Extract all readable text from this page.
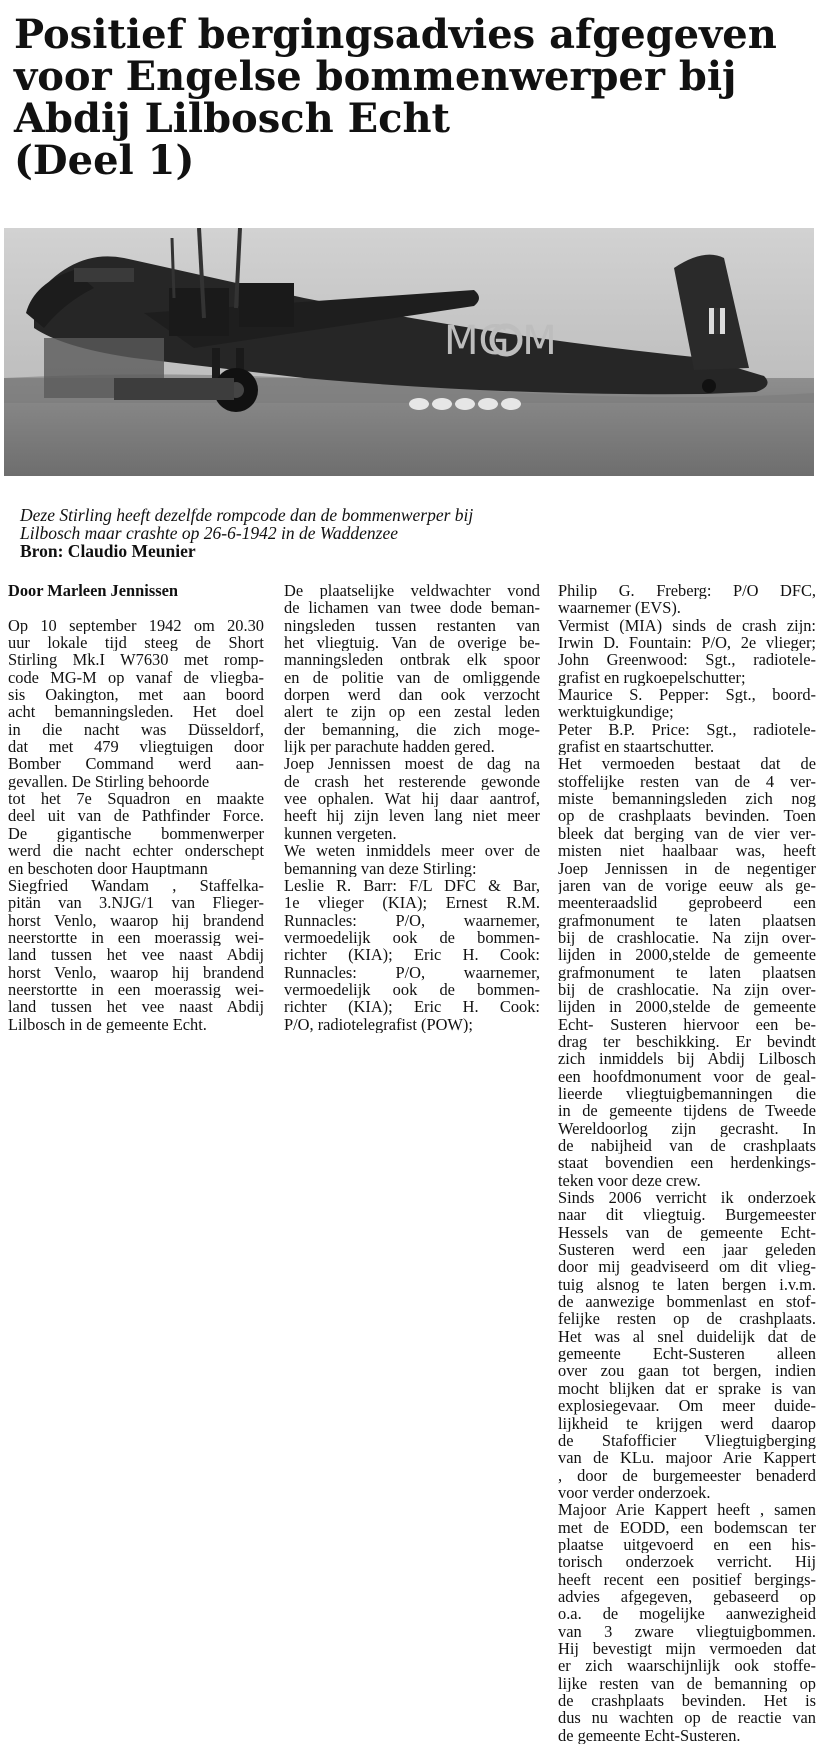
Positief bergingsadvies afgegeven
voor Engelse bommenwerper bij
Abdij Lilbosch Echt
(Deel 1)
MG M
Deze Stirling heeft dezelfde rompcode dan de bommenwerper bij
Lilbosch maar crashte op 26-6-1942 in de Waddenzee
Bron: Claudio Meunier
Door Marleen Jennissen
Op 10 september 1942 om 20.30
uur lokale tijd steeg de Short
Stirling Mk.I W7630 met romp-
code MG-M op vanaf de vliegba-
sis Oakington, met aan boord
acht bemanningsleden. Het doel
in die nacht was Düsseldorf,
dat met 479 vliegtuigen door
Bomber Command werd aan-
gevallen. De Stirling behoorde
tot het 7e Squadron en maakte
deel uit van de Pathfinder Force.
De gigantische bommenwerper
werd die nacht echter onderschept
en beschoten door Hauptmann
Siegfried Wandam , Staffelka-
pitän van 3.NJG/1 van Flieger-
horst Venlo, waarop hij brandend
neerstortte in een moerassig wei-
land tussen het vee naast Abdij
horst Venlo, waarop hij brandend
neerstortte in een moerassig wei-
land tussen het vee naast Abdij
Lilbosch in de gemeente Echt.
De plaatselijke veldwachter vond
de lichamen van twee dode beman-
ningsleden tussen restanten van
het vliegtuig. Van de overige be-
manningsleden ontbrak elk spoor
en de politie van de omliggende
dorpen werd dan ook verzocht
alert te zijn op een zestal leden
der bemanning, die zich moge-
lijk per parachute hadden gered.
Joep Jennissen moest de dag na
de crash het resterende gewonde
vee ophalen. Wat hij daar aantrof,
heeft hij zijn leven lang niet meer
kunnen vergeten.
We weten inmiddels meer over de
bemanning van deze Stirling:
Leslie R. Barr: F/L DFC & Bar,
1e vlieger (KIA); Ernest R.M.
Runnacles: P/O, waarnemer,
vermoedelijk ook de bommen-
richter (KIA); Eric H. Cook:
Runnacles: P/O, waarnemer,
vermoedelijk ook de bommen-
richter (KIA); Eric H. Cook:
P/O, radiotelegrafist (POW);
Philip G. Freberg: P/O DFC,
waarnemer (EVS).
Vermist (MIA) sinds de crash zijn:
Irwin D. Fountain: P/O, 2e vlieger;
John Greenwood: Sgt., radiotele-
grafist en rugkoepelschutter;
Maurice S. Pepper: Sgt., boord-
werktuigkundige;
Peter B.P. Price: Sgt., radiotele-
grafist en staartschutter.
Het vermoeden bestaat dat de
stoffelijke resten van de 4 ver-
miste bemanningsleden zich nog
op de crashplaats bevinden. Toen
bleek dat berging van de vier ver-
misten niet haalbaar was, heeft
Joep Jennissen in de negentiger
jaren van de vorige eeuw als ge-
meenteraadslid geprobeerd een
grafmonument te laten plaatsen
bij de crashlocatie. Na zijn over-
lijden in 2000,stelde de gemeente
grafmonument te laten plaatsen
bij de crashlocatie. Na zijn over-
lijden in 2000,stelde de gemeente
Echt- Susteren hiervoor een be-
drag ter beschikking. Er bevindt
zich inmiddels bij Abdij Lilbosch
een hoofdmonument voor de geal-
lieerde vliegtuigbemanningen die
in de gemeente tijdens de Tweede
Wereldoorlog zijn gecrasht. In
de nabijheid van de crashplaats
staat bovendien een herdenkings-
teken voor deze crew.
Sinds 2006 verricht ik onderzoek
naar dit vliegtuig. Burgemeester
Hessels van de gemeente Echt-
Susteren werd een jaar geleden
door mij geadviseerd om dit vlieg-
tuig alsnog te laten bergen i.v.m.
de aanwezige bommenlast en stof-
felijke resten op de crashplaats.
Het was al snel duidelijk dat de
gemeente Echt-Susteren alleen
over zou gaan tot bergen, indien
mocht blijken dat er sprake is van
explosiegevaar. Om meer duide-
lijkheid te krijgen werd daarop
de Stafofficier Vliegtuigberging
van de KLu. majoor Arie Kappert
, door de burgemeester benaderd
voor verder onderzoek.
Majoor Arie Kappert heeft , samen
met de EODD, een bodemscan ter
plaatse uitgevoerd en een his-
torisch onderzoek verricht. Hij
heeft recent een positief bergings-
advies afgegeven, gebaseerd op
o.a. de mogelijke aanwezigheid
van 3 zware vliegtuigbommen.
Hij bevestigt mijn vermoeden dat
er zich waarschijnlijk ook stoffe-
lijke resten van de bemanning op
de crashplaats bevinden. Het is
dus nu wachten op de reactie van
de gemeente Echt-Susteren.
